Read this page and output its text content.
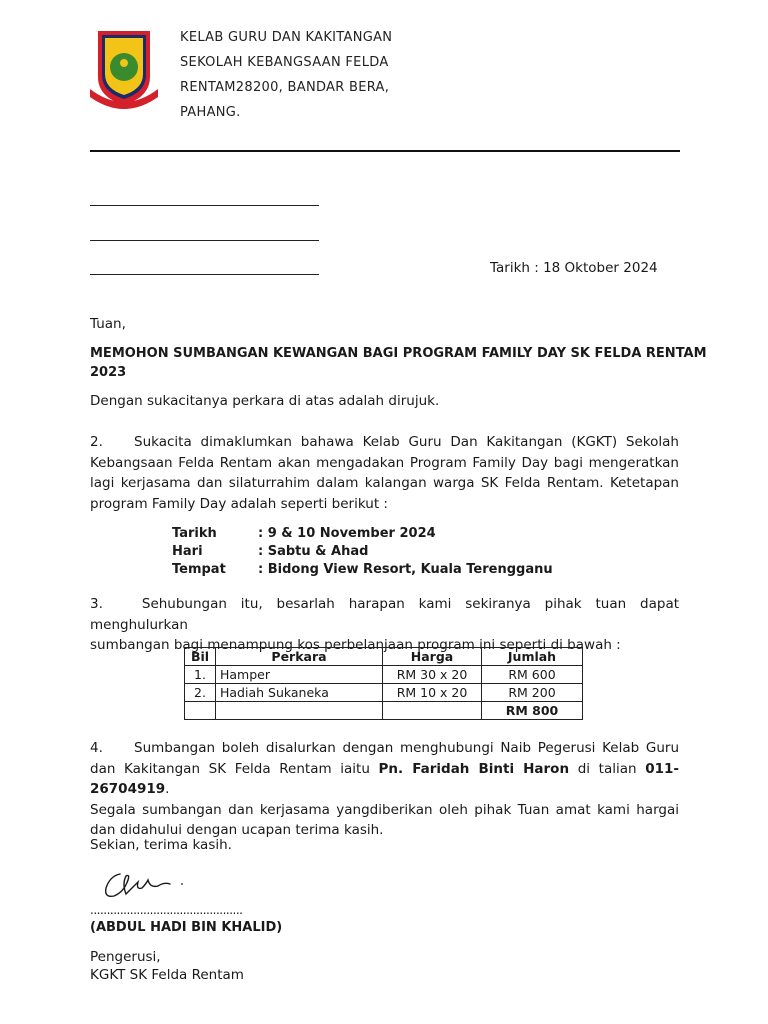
KELAB GURU DAN KAKITANGAN
SEKOLAH KEBANGSAAN FELDA
RENTAM28200, BANDAR BERA,
PAHANG.
Tarikh : 18 Oktober 2024
Tuan,
MEMOHON SUMBANGAN KEWANGAN BAGI PROGRAM FAMILY DAY SK FELDA RENTAM
2023
Dengan sukacitanya perkara di atas adalah dirujuk.
2. Sukacita dimaklumkan bahawa Kelab Guru Dan Kakitangan (KGKT) Sekolah
Kebangsaan Felda Rentam akan mengadakan Program Family Day bagi mengeratkan
lagi kerjasama dan silaturrahim dalam kalangan warga SK Felda Rentam. Ketetapan
program Family Day adalah seperti berikut :
Tarikh	: 9 & 10 November 2024
Hari	: Sabtu & Ahad
Tempat : Bidong View Resort, Kuala Terengganu
3.	Sehubungan itu, besarlah harapan kami sekiranya pihak tuan dapat menghulurkan
sumbangan bagi menampung kos perbelanjaan program ini seperti di bawah :
Bil	Perkara	Harga	Jumlah
1.	Hamper	RM 30 x 20	RM 600
2.	Hadiah Sukaneka	RM 10 x 20	RM 200
			RM 800
4. Sumbangan boleh disalurkan dengan menghubungi Naib Pegerusi Kelab Guru
dan Kakitangan SK Felda Rentam iaitu Pn. Faridah Binti Haron di talian 011-26704919.
Segala sumbangan dan kerjasama yangdiberikan oleh pihak Tuan amat kami hargai
dan didahului dengan ucapan terima kasih.
Sekian, terima kasih.
..............................................
(ABDUL HADI BIN KHALID)
Pengerusi,
KGKT SK Felda Rentam
